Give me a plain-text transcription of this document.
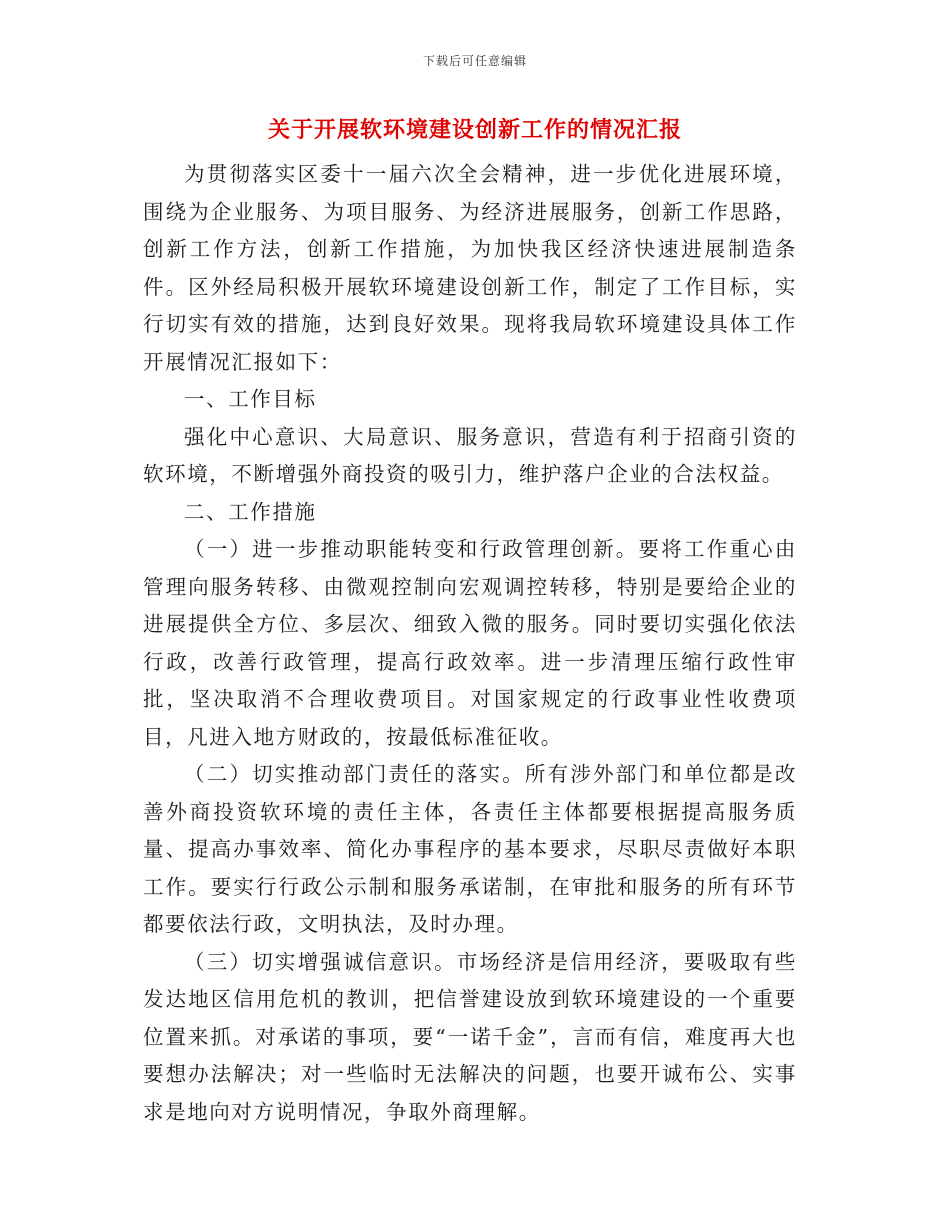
下载后可任意编辑
关于开展软环境建设创新工作的情况汇报

为贯彻落实区委十一届六次全会精神，进一步优化进展环境，围绕为企业服务、为项目服务、为经济进展服务，创新工作思路，创新工作方法，创新工作措施，为加快我区经济快速进展制造条件。区外经局积极开展软环境建设创新工作，制定了工作目标，实行切实有效的措施，达到良好效果。现将我局软环境建设具体工作开展情况汇报如下：

一、工作目标

强化中心意识、大局意识、服务意识，营造有利于招商引资的软环境，不断增强外商投资的吸引力，维护落户企业的合法权益。

二、工作措施

（一）进一步推动职能转变和行政管理创新。要将工作重心由管理向服务转移、由微观控制向宏观调控转移，特别是要给企业的进展提供全方位、多层次、细致入微的服务。同时要切实强化依法行政，改善行政管理，提高行政效率。进一步清理压缩行政性审批，坚决取消不合理收费项目。对国家规定的行政事业性收费项目，凡进入地方财政的，按最低标准征收。

（二）切实推动部门责任的落实。所有涉外部门和单位都是改善外商投资软环境的责任主体，各责任主体都要根据提高服务质量、提高办事效率、简化办事程序的基本要求，尽职尽责做好本职工作。要实行行政公示制和服务承诺制，在审批和服务的所有环节都要依法行政，文明执法，及时办理。

（三）切实增强诚信意识。市场经济是信用经济，要吸取有些发达地区信用危机的教训，把信誉建设放到软环境建设的一个重要位置来抓。对承诺的事项，要“一诺千金”，言而有信，难度再大也要想办法解决；对一些临时无法解决的问题，也要开诚布公、实事求是地向对方说明情况，争取外商理解。
